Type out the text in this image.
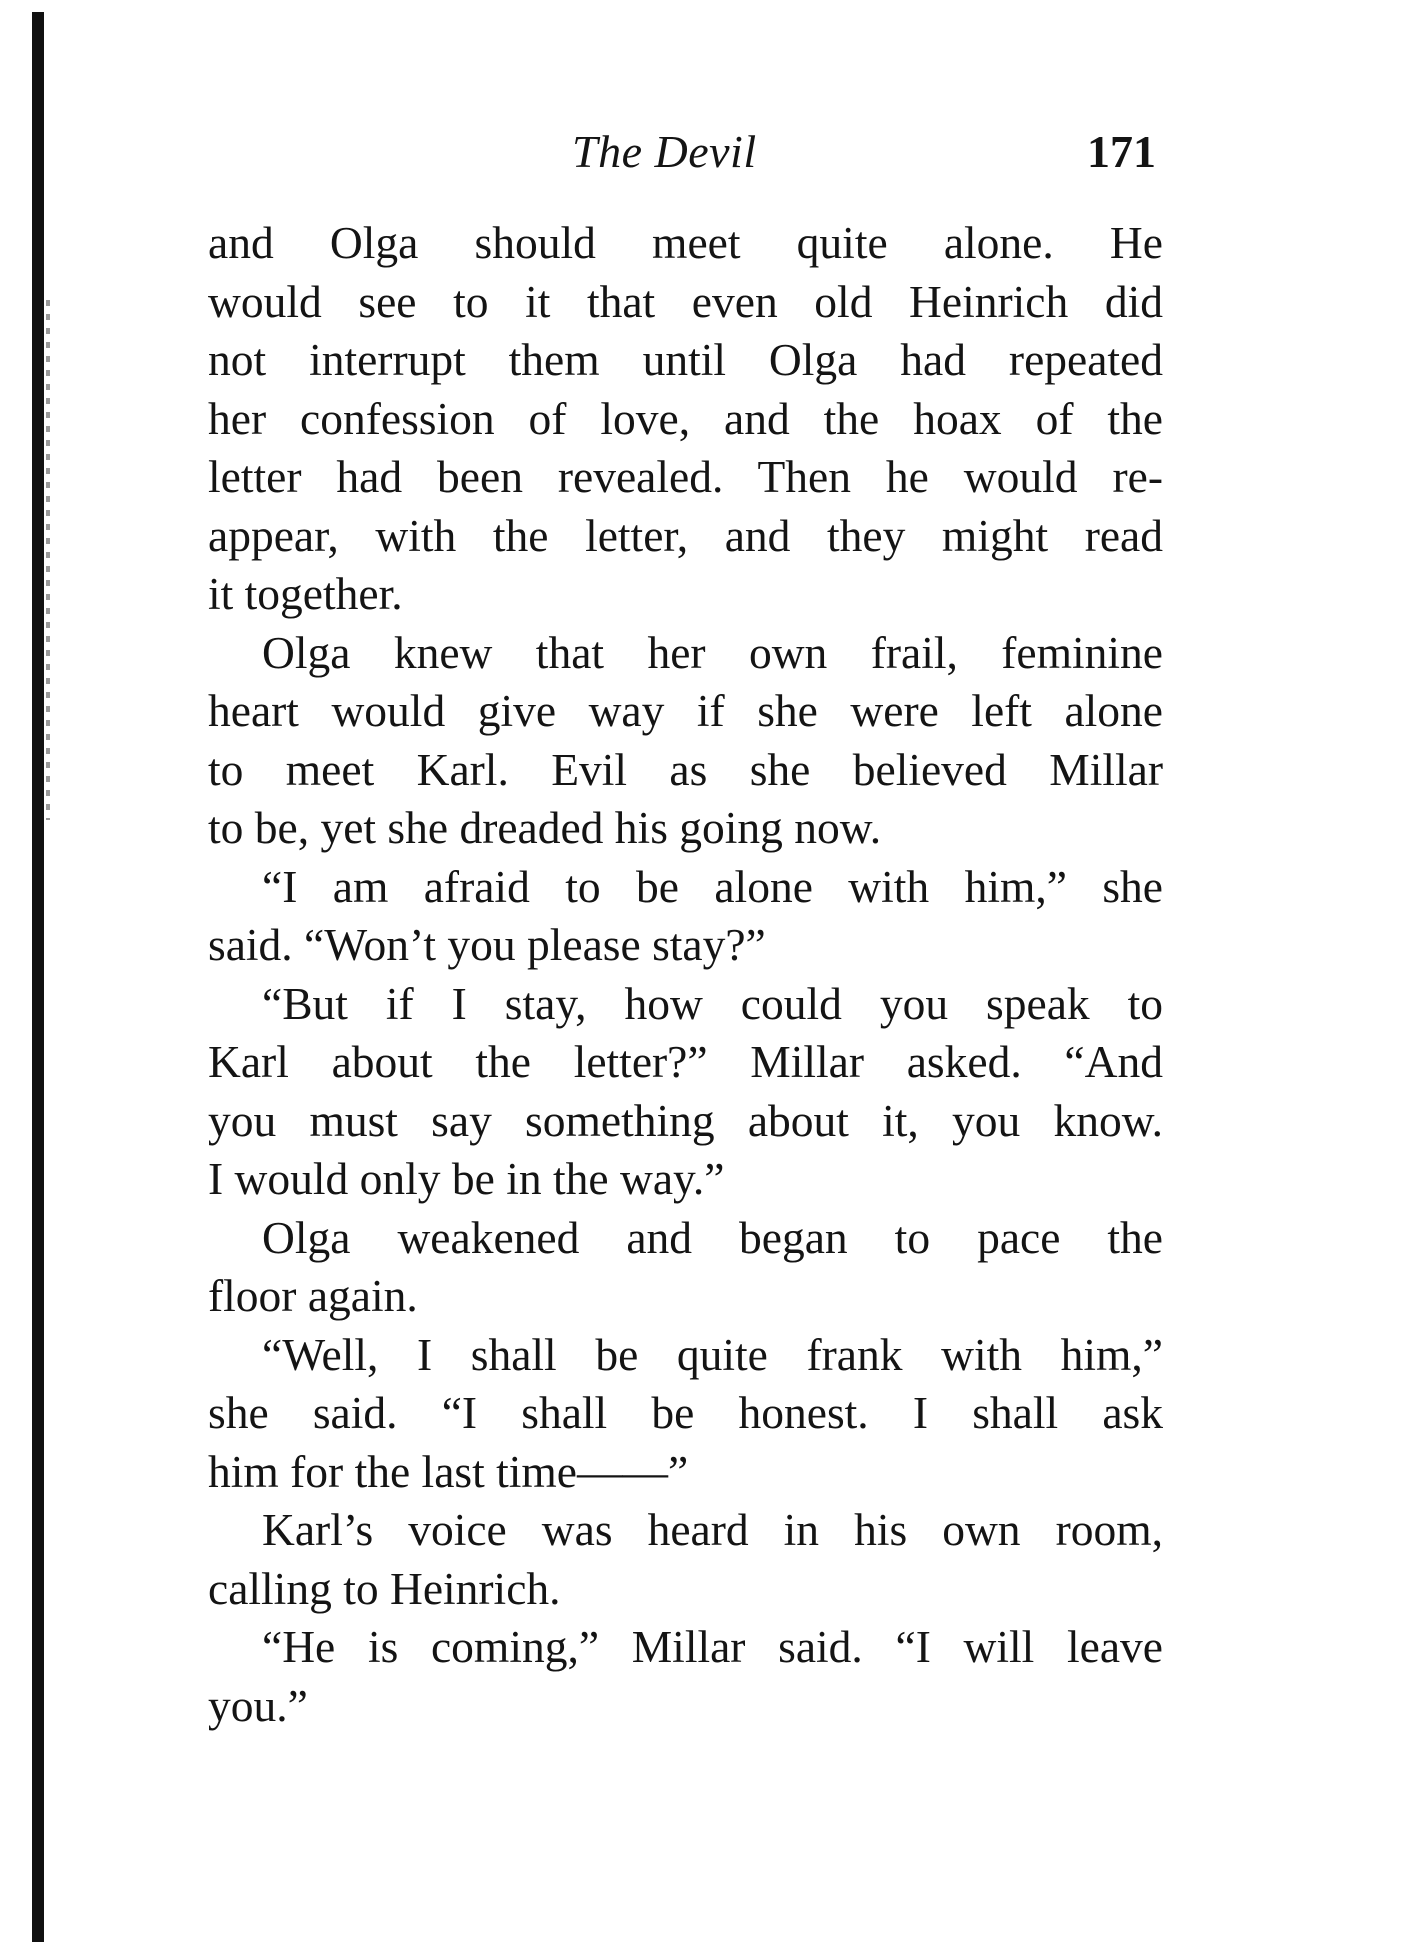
The Devil	171
and Olga should meet quite alone. He
would see to it that even old Heinrich did
not interrupt them until Olga had repeated
her confession of love, and the hoax of the
letter had been revealed. Then he would re-
appear, with the letter, and they might read
it together.
Olga knew that her own frail, feminine
heart would give way if she were left alone
to meet Karl. Evil as she believed Millar
to be, yet she dreaded his going now.
“I am afraid to be alone with him,” she
said. “Won’t you please stay?”
“But if I stay, how could you speak to
Karl about the letter?” Millar asked. “And
you must say something about it, you know.
I would only be in the way.”
Olga weakened and began to pace the
floor again.
“Well, I shall be quite frank with him,”
she said. “I shall be honest. I shall ask
him for the last time——”
Karl’s voice was heard in his own room,
calling to Heinrich.
“He is coming,” Millar said. “I will leave
you.”
